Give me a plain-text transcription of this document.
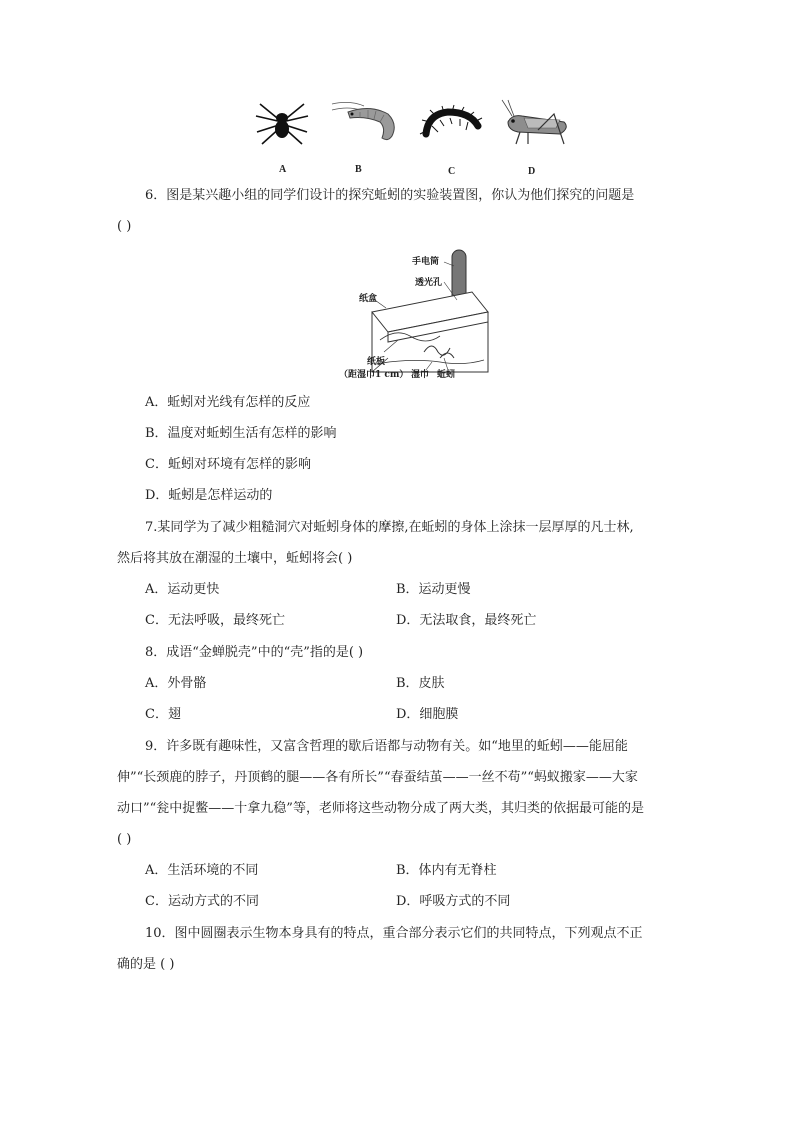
A	B	C	D
6．图是某兴趣小组的同学们设计的探究蚯蚓的实验装置图，你认为他们探究的问题是
( )
手电筒
透光孔
纸盒
纸板
（距湿巾1 cm） 湿巾 蚯蚓
A．蚯蚓对光线有怎样的反应
B．温度对蚯蚓生活有怎样的影响
C．蚯蚓对环境有怎样的影响
D．蚯蚓是怎样运动的
7.某同学为了减少粗糙洞穴对蚯蚓身体的摩擦,在蚯蚓的身体上涂抹一层厚厚的凡士林,
然后将其放在潮湿的土壤中，蚯蚓将会( )
A．运动更快	B．运动更慢
C．无法呼吸，最终死亡	D．无法取食，最终死亡
8．成语“金蝉脱壳”中的“壳”指的是( )
A．外骨骼	B．皮肤
C．翅	D．细胞膜
9．许多既有趣味性，又富含哲理的歇后语都与动物有关。如“地里的蚯蚓——能屈能
伸”“长颈鹿的脖子，丹顶鹤的腿——各有所长”“春蚕结茧——一丝不苟”“蚂蚁搬家——大家
动口”“瓮中捉鳖——十拿九稳”等，老师将这些动物分成了两大类，其归类的依据最可能的是
( )
A．生活环境的不同	B．体内有无脊柱
C．运动方式的不同	D．呼吸方式的不同
10．图中圆圈表示生物本身具有的特点，重合部分表示它们的共同特点，下列观点不正
确的是 ( )
